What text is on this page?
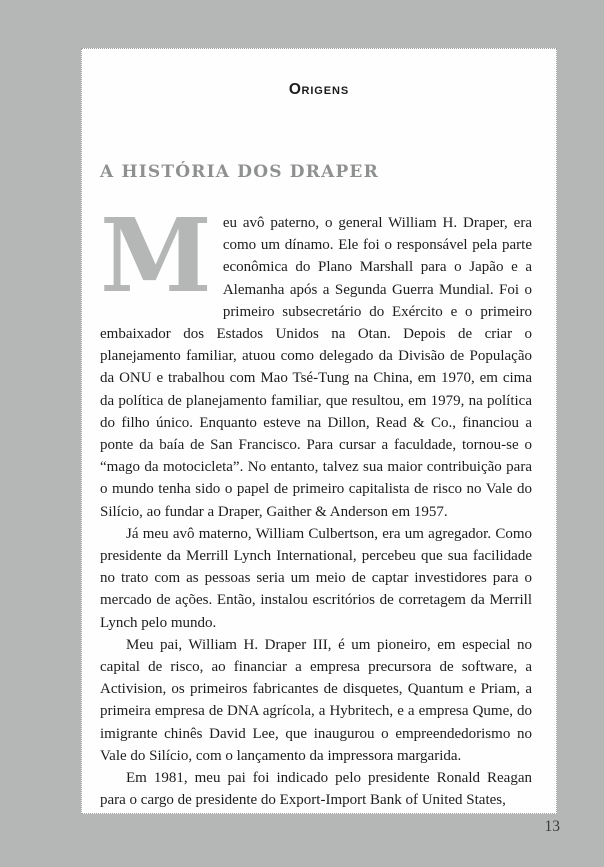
ORIGENS
A HISTÓRIA DOS DRAPER

Meu avô paterno, o general William H. Draper, era como um dínamo. Ele foi o responsável pela parte econômica do Plano Marshall para o Japão e a Alemanha após a Segunda Guerra Mundial. Foi o primeiro subsecretário do Exército e o primeiro embaixador dos Estados Unidos na Otan. Depois de criar o planejamento familiar, atuou como delegado da Divisão de População da ONU e trabalhou com Mao Tsé-Tung na China, em 1970, em cima da política de planejamento familiar, que resultou, em 1979, na política do filho único. Enquanto esteve na Dillon, Read & Co., financiou a ponte da baía de San Francisco. Para cursar a faculdade, tornou-se o “mago da motocicleta”. No entanto, talvez sua maior contribuição para o mundo tenha sido o papel de primeiro capitalista de risco no Vale do Silício, ao fundar a Draper, Gaither & Anderson em 1957.

Já meu avô materno, William Culbertson, era um agregador. Como presidente da Merrill Lynch International, percebeu que sua facilidade no trato com as pessoas seria um meio de captar investidores para o mercado de ações. Então, instalou escritórios de corretagem da Merrill Lynch pelo mundo.

Meu pai, William H. Draper III, é um pioneiro, em especial no capital de risco, ao financiar a empresa precursora de software, a Activision, os primeiros fabricantes de disquetes, Quantum e Priam, a primeira empresa de DNA agrícola, a Hybritech, e a empresa Qume, do imigrante chinês David Lee, que inaugurou o empreendedorismo no Vale do Silício, com o lançamento da impressora margarida.

Em 1981, meu pai foi indicado pelo presidente Ronald Reagan para o cargo de presidente do Export-Import Bank of United States,

13
